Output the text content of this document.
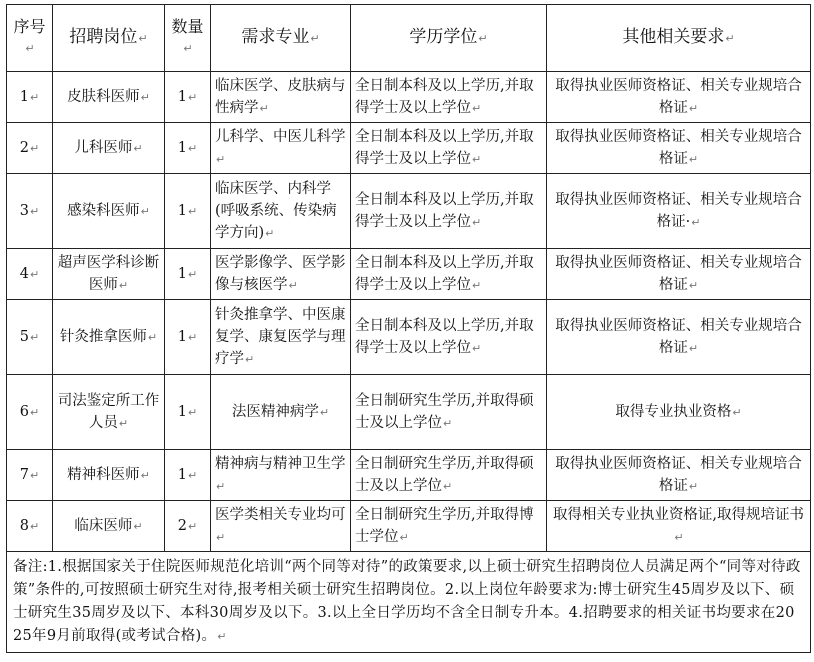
序号↵	招聘岗位↵	数量↵	需求专业↵	学历学位↵	其他相关要求↵
1↵	皮肤科医师↵	1↵	临床医学、皮肤病与性病学↵	全日制本科及以上学历,并取得学士及以上学位↵	取得执业医师资格证、相关专业规培合格证↵
2↵	儿科医师↵	1↵	儿科学、中医儿科学↵	全日制本科及以上学历,并取得学士及以上学位↵	取得执业医师资格证、相关专业规培合格证↵
3↵	感染科医师↵	1↵	临床医学、内科学(呼吸系统、传染病学方向)↵	全日制本科及以上学历,并取得学士及以上学位↵	取得执业医师资格证、相关专业规培合格证·↵
4↵	超声医学科诊断医师↵	1↵	医学影像学、医学影像与核医学↵	全日制本科及以上学历,并取得学士及以上学位↵	取得执业医师资格证、相关专业规培合格证↵
5↵	针灸推拿医师↵	1↵	针灸推拿学、中医康复学、康复医学与理疗学↵	全日制本科及以上学历,并取得学士及以上学位↵	取得执业医师资格证、相关专业规培合格证↵
6↵	司法鉴定所工作人员↵	1↵	法医精神病学↵	全日制研究生学历,并取得硕士及以上学位↵	取得专业执业资格↵
7↵	精神科医师↵	1↵	精神病与精神卫生学↵	全日制研究生学历,并取得硕士及以上学位↵	取得执业医师资格证、相关专业规培合格证↵
8↵	临床医师↵	2↵	医学类相关专业均可↵	全日制研究生学历,并取得博士学位↵	取得相关专业执业资格证,取得规培证书↵
备注:1.根据国家关于住院医师规范化培训“两个同等对待”的政策要求,以上硕士研究生招聘岗位人员满足两个“同等对待政策”条件的,可按照硕士研究生对待,报考相关硕士研究生招聘岗位。2.以上岗位年龄要求为:博士研究生45周岁及以下、硕士研究生35周岁及以下、本科30周岁及以下。3.以上全日学历均不含全日制专升本。4.招聘要求的相关证书均要求在2025年9月前取得(或考试合格)。↵					
